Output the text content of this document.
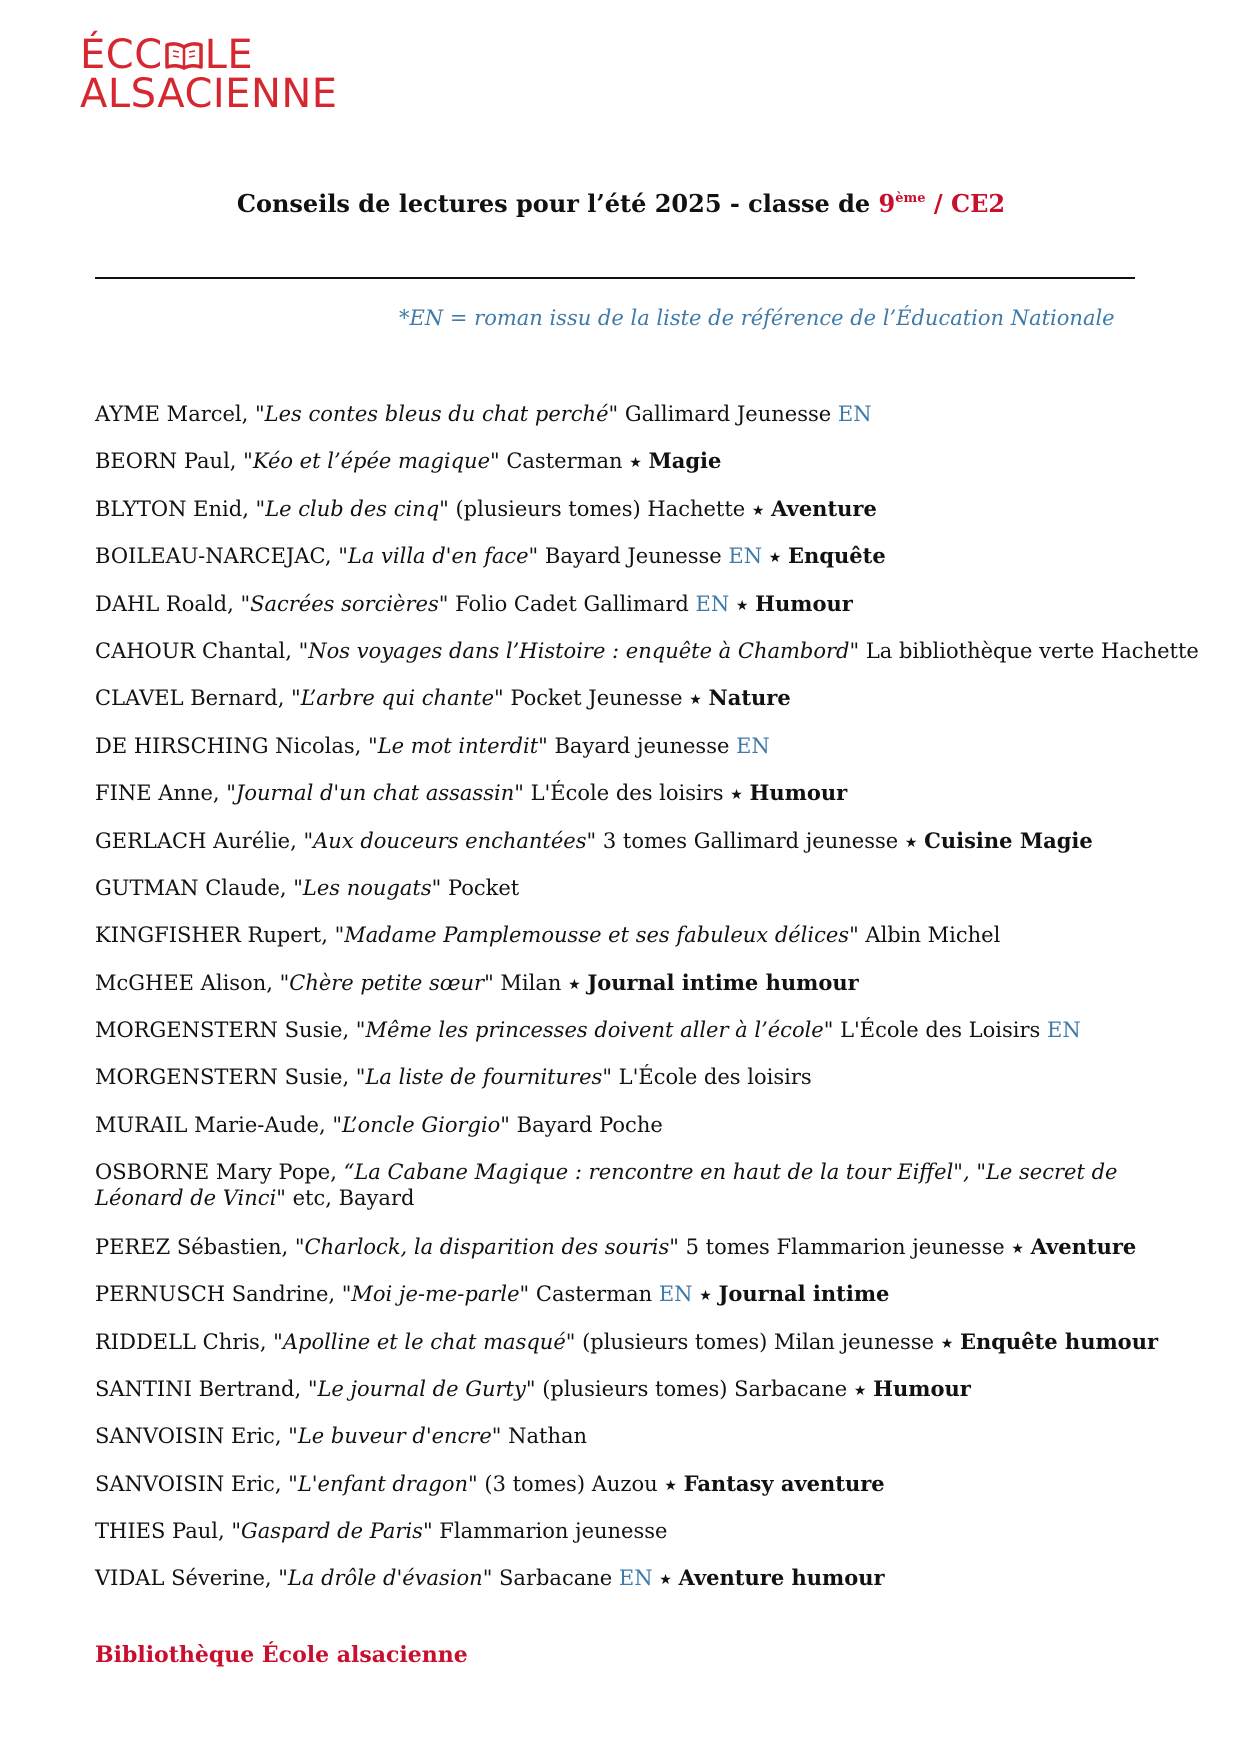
ÉCC LE
ALSACIENNE
Conseils de lectures pour l’été 2025 - classe de 9ème / CE2
*EN = roman issu de la liste de référence de l’Éducation Nationale
AYME Marcel, "Les contes bleus du chat perché" Gallimard Jeunesse EN
BEORN Paul, "Kéo et l’épée magique" Casterman ★ Magie
BLYTON Enid, "Le club des cinq" (plusieurs tomes) Hachette ★ Aventure
BOILEAU-NARCEJAC, "La villa d'en face" Bayard Jeunesse EN ★ Enquête
DAHL Roald, "Sacrées sorcières" Folio Cadet Gallimard EN ★ Humour
CAHOUR Chantal, "Nos voyages dans l’Histoire : enquête à Chambord" La bibliothèque verte Hachette
CLAVEL Bernard, "L’arbre qui chante" Pocket Jeunesse ★ Nature
DE HIRSCHING Nicolas, "Le mot interdit" Bayard jeunesse EN
FINE Anne, "Journal d'un chat assassin" L'École des loisirs ★ Humour
GERLACH Aurélie, "Aux douceurs enchantées" 3 tomes Gallimard jeunesse ★ Cuisine Magie
GUTMAN Claude, "Les nougats" Pocket
KINGFISHER Rupert, "Madame Pamplemousse et ses fabuleux délices" Albin Michel
McGHEE Alison, "Chère petite sœur" Milan ★ Journal intime humour
MORGENSTERN Susie, "Même les princesses doivent aller à l’école" L'École des Loisirs EN
MORGENSTERN Susie, "La liste de fournitures" L'École des loisirs
MURAIL Marie-Aude, "L’oncle Giorgio" Bayard Poche
OSBORNE Mary Pope, “La Cabane Magique : rencontre en haut de la tour Eiffel", "Le secret de Léonard de Vinci" etc, Bayard
PEREZ Sébastien, "Charlock, la disparition des souris" 5 tomes Flammarion jeunesse ★ Aventure
PERNUSCH Sandrine, "Moi je-me-parle" Casterman EN ★ Journal intime
RIDDELL Chris, "Apolline et le chat masqué" (plusieurs tomes) Milan jeunesse ★ Enquête humour
SANTINI Bertrand, "Le journal de Gurty" (plusieurs tomes) Sarbacane ★ Humour
SANVOISIN Eric, "Le buveur d'encre" Nathan
SANVOISIN Eric, "L'enfant dragon" (3 tomes) Auzou ★ Fantasy aventure
THIES Paul, "Gaspard de Paris" Flammarion jeunesse
VIDAL Séverine, "La drôle d'évasion" Sarbacane EN ★ Aventure humour
Bibliothèque École alsacienne
